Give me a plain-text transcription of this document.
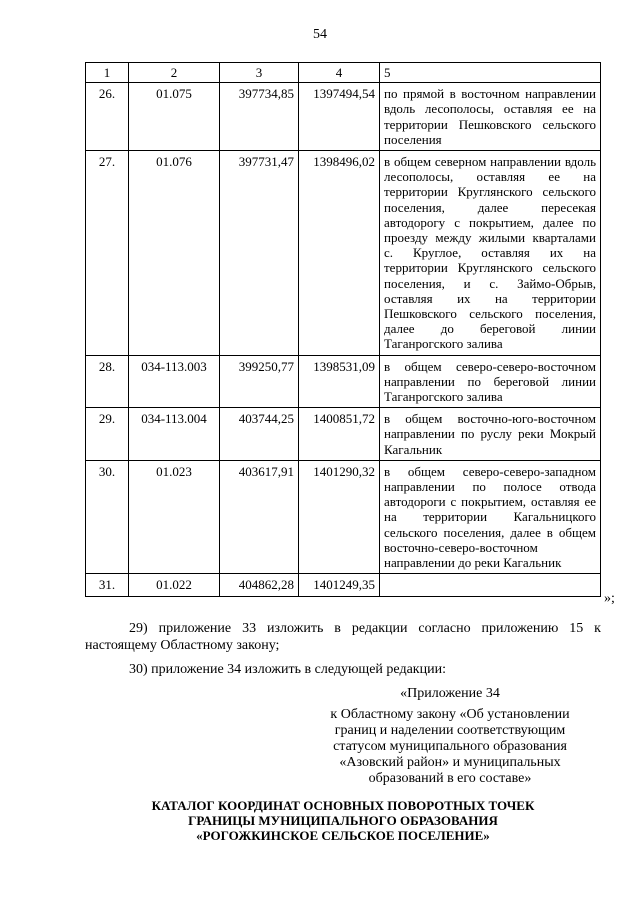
54
1	2	3	4	5
26.	01.075	397734,85	1397494,54	по прямой в восточном направлении вдоль лесополосы, оставляя ее на территории Пешковского сельского поселения
27.	01.076	397731,47	1398496,02	в общем северном направлении вдоль лесополосы, оставляя ее на территории Круглянского сельского поселения, далее пересекая автодорогу с покрытием, далее по проезду между жилыми кварталами с. Круглое, оставляя их на территории Круглянского сельского поселения, и с. Займо-Обрыв, оставляя их на территории Пешковского сельского поселения, далее до береговой линии Таганрогского залива
28.	034-113.003	399250,77	1398531,09	в общем северо-северо-восточном направлении по береговой линии Таганрогского залива
29.	034-113.004	403744,25	1400851,72	в общем восточно-юго-восточном направлении по руслу реки Мокрый Кагальник
30.	01.023	403617,91	1401290,32	в общем северо-северо-западном направлении по полосе отвода автодороги с покрытием, оставляя ее на территории Кагальницкого сельского поселения, далее в общем восточно-северо-восточном направлении до реки Кагальник
31.	01.022	404862,28	1401249,35	
»;
29) приложение 33 изложить в редакции согласно приложению 15 к настоящему Областному закону;
30) приложение 34 изложить в следующей редакции:
«Приложение 34
к Областному закону «Об установлении
границ и наделении соответствующим
статусом муниципального образования
«Азовский район» и муниципальных
образований в его составе»
КАТАЛОГ КООРДИНАТ ОСНОВНЫХ ПОВОРОТНЫХ ТОЧЕК
ГРАНИЦЫ МУНИЦИПАЛЬНОГО ОБРАЗОВАНИЯ
«РОГОЖКИНСКОЕ СЕЛЬСКОЕ ПОСЕЛЕНИЕ»
